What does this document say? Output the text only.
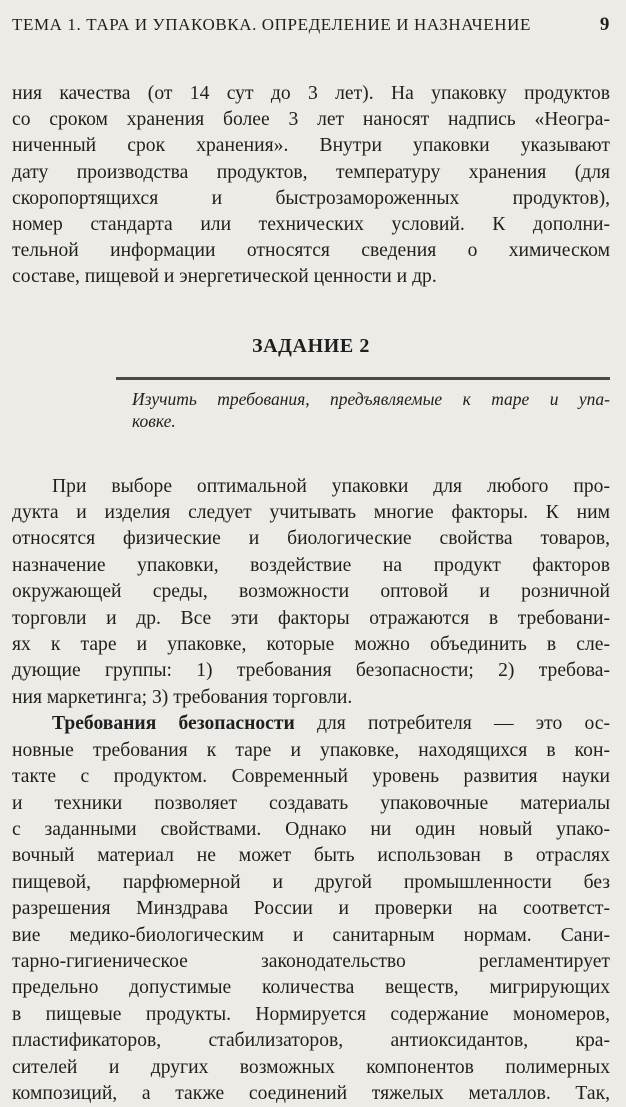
ТЕМА 1. ТАРА И УПАКОВКА. ОПРЕДЕЛЕНИЕ И НАЗНАЧЕНИЕ	9
ния качества (от 14 сут до 3 лет). На упаковку продуктов
со сроком хранения более 3 лет наносят надпись «Неогра-
ниченный срок хранения». Внутри упаковки указывают
дату производства продуктов, температуру хранения (для
скоропортящихся и быстрозамороженных продуктов),
номер стандарта или технических условий. К дополни-
тельной информации относятся сведения о химическом
составе, пищевой и энергетической ценности и др.
ЗАДАНИЕ 2
Изучить требования, предъявляемые к таре и упа-
ковке.
При выборе оптимальной упаковки для любого про-
дукта и изделия следует учитывать многие факторы. К ним
относятся физические и биологические свойства товаров,
назначение упаковки, воздействие на продукт факторов
окружающей среды, возможности оптовой и розничной
торговли и др. Все эти факторы отражаются в требовани-
ях к таре и упаковке, которые можно объединить в сле-
дующие группы: 1) требования безопасности; 2) требова-
ния маркетинга; 3) требования торговли.
Требования безопасности для потребителя — это ос-
новные требования к таре и упаковке, находящихся в кон-
такте с продуктом. Современный уровень развития науки
и техники позволяет создавать упаковочные материалы
с заданными свойствами. Однако ни один новый упако-
вочный материал не может быть использован в отраслях
пищевой, парфюмерной и другой промышленности без
разрешения Минздрава России и проверки на соответст-
вие медико-биологическим и санитарным нормам. Сани-
тарно-гигиеническое законодательство регламентирует
предельно допустимые количества веществ, мигрирующих
в пищевые продукты. Нормируется содержание мономеров,
пластификаторов, стабилизаторов, антиоксидантов, кра-
сителей и других возможных компонентов полимерных
композиций, а также соединений тяжелых металлов. Так,
